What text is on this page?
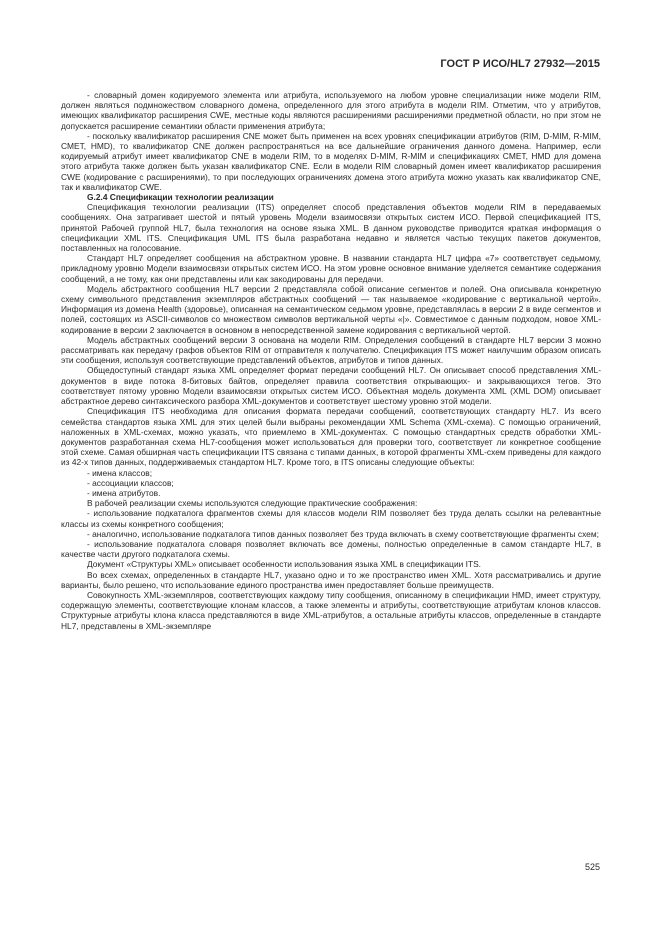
ГОСТ Р ИСО/HL7 27932—2015

- словарный домен кодируемого элемента или атрибута, используемого на любом уровне специализации ниже модели RIM, должен являться подмножеством словарного домена, определенного для этого атрибута в модели RIM. Отметим, что у атрибутов, имеющих квалификатор расширения CWE, местные коды являются расширениями расширениями предметной области, но при этом не допускается расширение семантики области применения атрибута;

- поскольку квалификатор расширения CNE может быть применен на всех уровнях спецификации атрибутов (RIM, D-MIM, R-MIM, CMET, HMD), то квалификатор CNE должен распространяться на все дальнейшие ограничения данного домена. Например, если кодируемый атрибут имеет квалификатор CNE в модели RIM, то в моделях D-MIM, R-MIM и спецификациях CMET, HMD для домена этого атрибута также должен быть указан квалификатор CNE. Если в модели RIM словарный домен имеет квалификатор расширения CWE (кодирование с расширениями), то при последующих ограничениях домена этого атрибута можно указать как квалификатор CNE, так и квалификатор CWE.

G.2.4 Спецификации технологии реализации

Спецификация технологии реализации (ITS) определяет способ представления объектов модели RIM в передаваемых сообщениях. Она затрагивает шестой и пятый уровень Модели взаимосвязи открытых систем ИСО. Первой спецификацией ITS, принятой Рабочей группой HL7, была технология на основе языка XML. В данном руководстве приводится краткая информация о спецификации XML ITS. Спецификация UML ITS была разработана недавно и является частью текущих пакетов документов, поставленных на голосование.

Стандарт HL7 определяет сообщения на абстрактном уровне. В названии стандарта HL7 цифра «7» соответствует седьмому, прикладному уровню Модели взаимосвязи открытых систем ИСО. На этом уровне основное внимание уделяется семантике содержания сообщений, а не тому, как они представлены или как закодированы для передачи.

Модель абстрактного сообщения HL7 версии 2 представляла собой описание сегментов и полей. Она описывала конкретную схему символьного представления экземпляров абстрактных сообщений — так называемое «кодирование с вертикальной чертой». Информация из домена Health (здоровье), описанная на семантическом седьмом уровне, представлялась в версии 2 в виде сегментов и полей, состоящих из ASCII-символов со множеством символов вертикальной черты «|». Совместимое с данным подходом, новое XML-кодирование в версии 2 заключается в основном в непосредственной замене кодирования с вертикальной чертой.

Модель абстрактных сообщений версии 3 основана на модели RIM. Определения сообщений в стандарте HL7 версии 3 можно рассматривать как передачу графов объектов RIM от отправителя к получателю. Спецификация ITS может наилучшим образом описать эти сообщения, используя соответствующие представлений объектов, атрибутов и типов данных.

Общедоступный стандарт языка XML определяет формат передачи сообщений HL7. Он описывает способ представления XML-документов в виде потока 8-битовых байтов, определяет правила соответствия открывающих- и закрывающихся тегов. Это соответствует пятому уровню Модели взаимосвязи открытых систем ИСО. Объектная модель документа XML (XML DOM) описывает абстрактное дерево синтаксического разбора XML-документов и соответствует шестому уровню этой модели.

Спецификация ITS необходима для описания формата передачи сообщений, соответствующих стандарту HL7. Из всего семейства стандартов языка XML для этих целей были выбраны рекомендации XML Schema (XML-схема). С помощью ограничений, наложенных в XML-схемах, можно указать, что приемлемо в XML-документах. С помощью стандартных средств обработки XML-документов разработанная схема HL7-сообщения может использоваться для проверки того, соответствует ли конкретное сообщение этой схеме. Самая обширная часть спецификации ITS связана с типами данных, в которой фрагменты XML-схем приведены для каждого из 42-х типов данных, поддерживаемых стандартом HL7. Кроме того, в ITS описаны следующие объекты:

- имена классов;

- ассоциации классов;

- имена атрибутов.

В рабочей реализации схемы используются следующие практические соображения:

- использование подкаталога фрагментов схемы для классов модели RIM позволяет без труда делать ссылки на релевантные классы из схемы конкретного сообщения;

- аналогично, использование подкаталога типов данных позволяет без труда включать в схему соответствующие фрагменты схем;

- использование подкаталога словаря позволяет включать все домены, полностью определенные в самом стандарте HL7, в качестве части другого подкаталога схемы.

Документ «Структуры XML» описывает особенности использования языка XML в спецификации ITS.

Во всех схемах, определенных в стандарте HL7, указано одно и то же пространство имен XML. Хотя рассматривались и другие варианты, было решено, что использование единого пространства имен предоставляет больше преимуществ.

Совокупность XML-экземпляров, соответствующих каждому типу сообщения, описанному в спецификации HMD, имеет структуру, содержащую элементы, соответствующие клонам классов, а также элементы и атрибуты, соответствующие атрибутам клонов классов. Структурные атрибуты клона класса представляются в виде XML-атрибутов, а остальные атрибуты классов, определенные в стандарте HL7, представлены в XML-экземпляре

525
